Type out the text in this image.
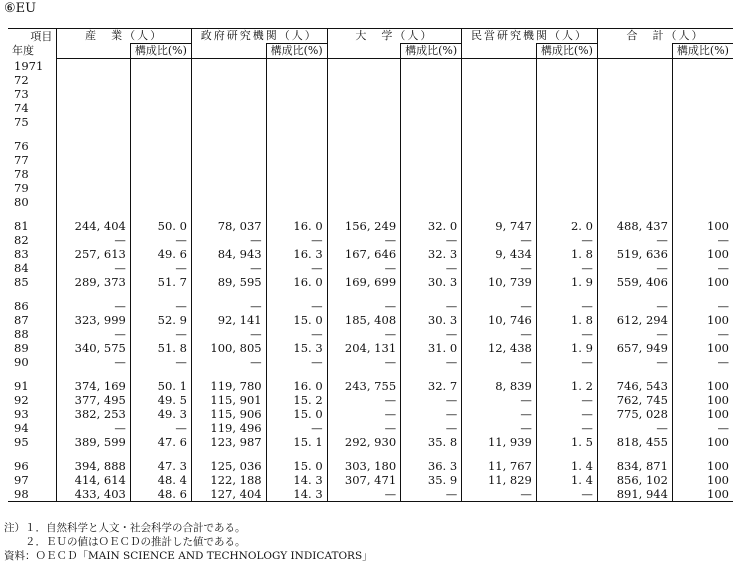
⑥EU
項目
年度	産　業（人）		政府研究機関（人）		大　学（人）		民営研究機関（人）		合　計（人）	
		構成比(%)		構成比(%)		構成比(%)		構成比(%)		構成比(%)
1971										
72										
73										
74										
75										

76										
77										
78										
79										
80										

81	244, 404	50. 0	78, 037	16. 0	156, 249	32. 0	9, 747	2. 0	488, 437	100
82	—	—	—	—	—	—	—	—	—	—
83	257, 613	49. 6	84, 943	16. 3	167, 646	32. 3	9, 434	1. 8	519, 636	100
84	—	—	—	—	—	—	—	—	—	—
85	289, 373	51. 7	89, 595	16. 0	169, 699	30. 3	10, 739	1. 9	559, 406	100

86	—	—	—	—	—	—	—	—	—	—
87	323, 999	52. 9	92, 141	15. 0	185, 408	30. 3	10, 746	1. 8	612, 294	100
88	—	—	—	—	—	—	—	—	—	—
89	340, 575	51. 8	100, 805	15. 3	204, 131	31. 0	12, 438	1. 9	657, 949	100
90	—	—	—	—	—	—	—	—	—	—

91	374, 169	50. 1	119, 780	16. 0	243, 755	32. 7	8, 839	1. 2	746, 543	100
92	377, 495	49. 5	115, 901	15. 2	—	—	—	—	762, 745	100
93	382, 253	49. 3	115, 906	15. 0	—	—	—	—	775, 028	100
94	—	—	119, 496	—	—	—	—	—	—	—
95	389, 599	47. 6	123, 987	15. 1	292, 930	35. 8	11, 939	1. 5	818, 455	100

96	394, 888	47. 3	125, 036	15. 0	303, 180	36. 3	11, 767	1. 4	834, 871	100
97	414, 614	48. 4	122, 188	14. 3	307, 471	35. 9	11, 829	1. 4	856, 102	100
98	433, 403	48. 6	127, 404	14. 3	—	—	—	—	891, 944	100
注）１．自然科学と人文・社会科学の合計である。
　　２．ＥＵの値はＯＥＣＤの推計した値である。
資料：ＯＥＣＤ「MAIN SCIENCE AND TECHNOLOGY INDICATORS」
